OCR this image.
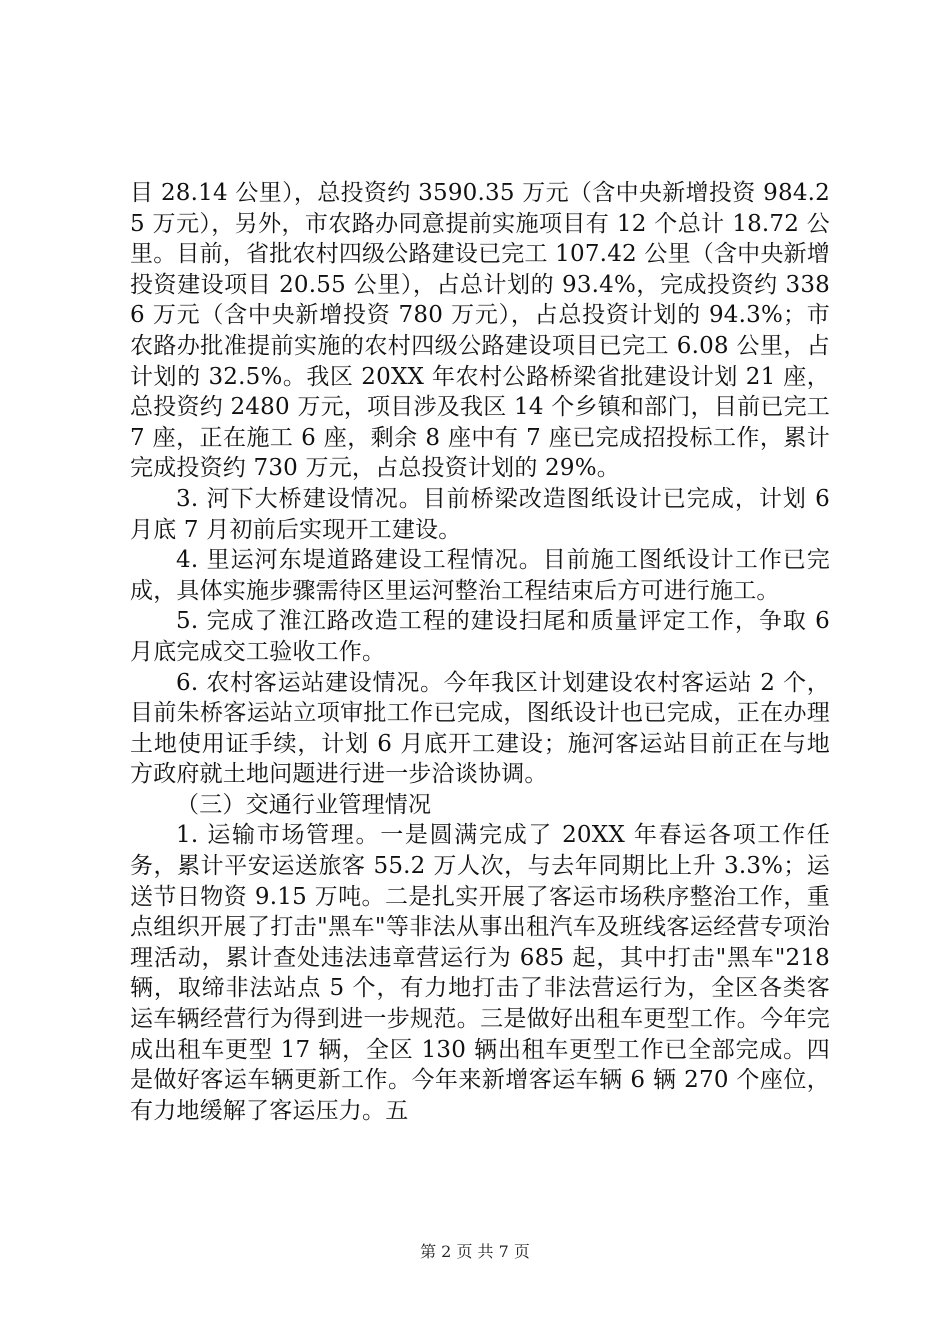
目 28.14 公里），总投资约 3590.35 万元（含中央新增投资 984.25 万元），另外，市农路办同意提前实施项目有 12 个总计 18.72 公里。目前，省批农村四级公路建设已完工 107.42 公里（含中央新增投资建设项目 20.55 公里），占总计划的 93.4%，完成投资约 3386 万元（含中央新增投资 780 万元），占总投资计划的 94.3%；市农路办批准提前实施的农村四级公路建设项目已完工 6.08 公里，占计划的 32.5%。我区 20XX 年农村公路桥梁省批建设计划 21 座，总投资约 2480 万元，项目涉及我区 14 个乡镇和部门，目前已完工 7 座，正在施工 6 座，剩余 8 座中有 7 座已完成招投标工作，累计完成投资约 730 万元，占总投资计划的 29%。

3. 河下大桥建设情况。目前桥梁改造图纸设计已完成，计划 6 月底 7 月初前后实现开工建设。

4. 里运河东堤道路建设工程情况。目前施工图纸设计工作已完成，具体实施步骤需待区里运河整治工程结束后方可进行施工。

5. 完成了淮江路改造工程的建设扫尾和质量评定工作，争取 6 月底完成交工验收工作。

6. 农村客运站建设情况。今年我区计划建设农村客运站 2 个，目前朱桥客运站立项审批工作已完成，图纸设计也已完成，正在办理土地使用证手续，计划 6 月底开工建设；施河客运站目前正在与地方政府就土地问题进行进一步洽谈协调。

（三）交通行业管理情况

1. 运输市场管理。一是圆满完成了 20XX 年春运各项工作任务，累计平安运送旅客 55.2 万人次，与去年同期比上升 3.3%；运送节日物资 9.15 万吨。二是扎实开展了客运市场秩序整治工作，重点组织开展了打击"黑车"等非法从事出租汽车及班线客运经营专项治理活动，累计查处违法违章营运行为 685 起，其中打击"黑车"218 辆，取缔非法站点 5 个，有力地打击了非法营运行为，全区各类客运车辆经营行为得到进一步规范。三是做好出租车更型工作。今年完成出租车更型 17 辆，全区 130 辆出租车更型工作已全部完成。四是做好客运车辆更新工作。今年来新增客运车辆 6 辆 270 个座位，有力地缓解了客运压力。五

第 2 页 共 7 页
